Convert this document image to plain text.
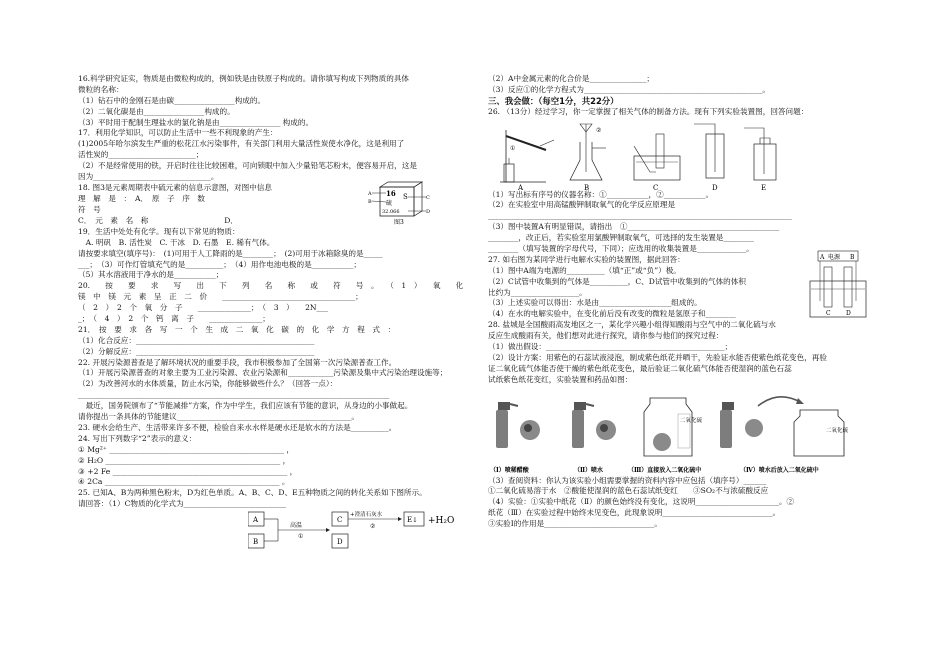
16.科学研究证实，物质是由微粒构成的，例如铁是由铁原子构成的。请你填写构成下列物质的具体
微粒的名称：
（1）钻石中的金刚石是由碳________________构成的。
（2）二氧化碳是由________________构成的。
（3）平时用于配制生理盐水的氯化钠是由________________ 构成的。
17．利用化学知识，可以防止生活中一些不利现象的产生：
(1)2005年哈尔滨发生严重的松花江水污染事件，有关部门利用大量活性炭使水净化，这是利用了
活性炭的_______________________；
（2）不是经常使用的铁，开启时往往比较困难，可向锁眼中加入少量铅笔芯粉末，便容易开启，这是
因为_______________________________。
18. 图3是元素周期表中硫元素的信息示意图，对图中信息
理　解　是　：　A．　原　子　序　数
符　号
C．　元　素　名　称　　　　　　　　　　D．
16 S
硫
32.066
A
B
C
D
图3
19．生活中处处有化学。现有以下常见的物质：
　A. 明矾　B. 活性炭　C. 干冰　D. 石墨　E. 稀有气体。
请按要求填空(填序号)：　(1)可用于人工降雨的是________；　(2)可用于冰箱除臭的是_____
___；　（3）可作灯管填充气的是__________；　（4）用作电池电极的是___________；
（5）其水溶液用于净水的是___________；
20.　　按　　要　　求　　写　　出　　下　　列　　名　　称　　或　　符　　号　。　　（　1　）　　氧　　化
镁　中　镁　元　素　呈　正　二　价　　___________________________________；
（　2　）　2　个　氧　分　子　　______________；　（　3　）　　2N___
_；　（　4　）　2　个　钙　离　子　　______________；
21．　按　要　求　各　写　一　个　生　成　二　氧　化　碳　的　化　学　方　程　式　：
（1）化合反应：_______________________________________________
（2）分解反应：_______________________________________________
22. 开展污染源普查是了解环境状况的重要手段，我市积极参加了全国第一次污染源普查工作。
（1）开展污染源普查的对象主要为工业污染源、农业污染源和____________污染源及集中式污染治理设施等；
（2）为改善河水的水体质量，防止水污染，你能够做些什么？（回答一点）：
__________________________________________________________________________________
　最近，国务院颁布了“节能减排”方案，作为中学生，我们应该有节能的意识，从身边的小事做起。
请你提出一条具体的节能建议______________________________________________。
23. 硬水会给生产、生活带来许多不便，检验自来水水样是硬水还是软水的方法是__________。
24. 写出下列数字“2”表示的意义：
① Mg²⁺ ______________________________________________ ，
② H₂O ______________________________________________ ，
③ +2 Fe ______________________________________________ ，
④ 2Ca ______________________________________________ 。
25. 已知A、B为两种黑色粉末，D为红色单质。A、B、C、D、E五种物质之间的转化关系如下图所示。
请回答：（1）C物质的化学式为___________________________
A
B
高温
①
C
D
+澄清石灰水
②
E↓ +H₂O
（2）A中金属元素的化合价是_______________；
（3）反应①的化学方程式为_______________________________________________。
三、我会做：（每空1分，共22分）
26. （13分）经过学习，你一定掌握了相关气体的制备方法。现有下列实验装置图，回答问题：
①
A
②
B	C	D	E
（1）写出标有序号的仪器名称：①___________，②___________。
（2）在实验室中用高锰酸钾制取氧气的化学反应原理是
________________________________________________________________________________
（3）图中装置A有明显错误，请指出　①________________________________________
________，改正后，若实验室用氯酸钾制取氧气，可选择的发生装置是________
________（填写装置的字母代号，下同）；应选用的收集装置是_____________。
27. 如右图为某同学进行电解水实验的装置图，据此回答：
（1）图中A端为电源的__________（填“正”或“负”）极。
（2）C试管中收集到的气体是__________，C、D试管中收集到的气体的体积
比约为__________________。
（3）上述实验可以得出：水是由___________________组成的。
（4）在水的电解实验中，在变化前后没有改变的微粒是氢原子和________
A 电源 B
C	D
28. 盐城是全国酸雨高发地区之一，某化学兴趣小组得知酸雨与空气中的二氧化硫与水
反应生成酸雨有关，他们想对此进行探究，请你参与他们的探究过程：
（1）做出假设：_______________________________________________；
（2）设计方案：用紫色的石蕊试液浸泡，制成紫色纸花并晒干，先验证水能否使紫色纸花变色，再验
证二氧化硫气体能否使干燥的紫色纸花变色，最后验证二氧化硫气体能否使湿润的蓝色石蕊
试纸紫色纸花变红，实验装置和药品如图：
二氧化硫
二氧化硫
（Ⅰ）喷稀醋酸	（Ⅱ）喷水	（Ⅲ）直接放入二氧化硫中	（Ⅳ）喷水后放入二氧化硫中
（3）查阅资料：你认为该实验小组需要掌握的资料内容中应包括（填序号）______
①二氧化硫易溶于水　②酸能使湿润的蓝色石蕊试纸变红　　③SO₂不与浓硫酸反应
（4）实验：①实验中纸花（Ⅱ）的颜色始终没有变化，这说明______________________。②
纸花（Ⅲ）在实验过程中始终未见变色，此现象说明_____________________________。
③实验Ⅰ的作用是_____________________________。
